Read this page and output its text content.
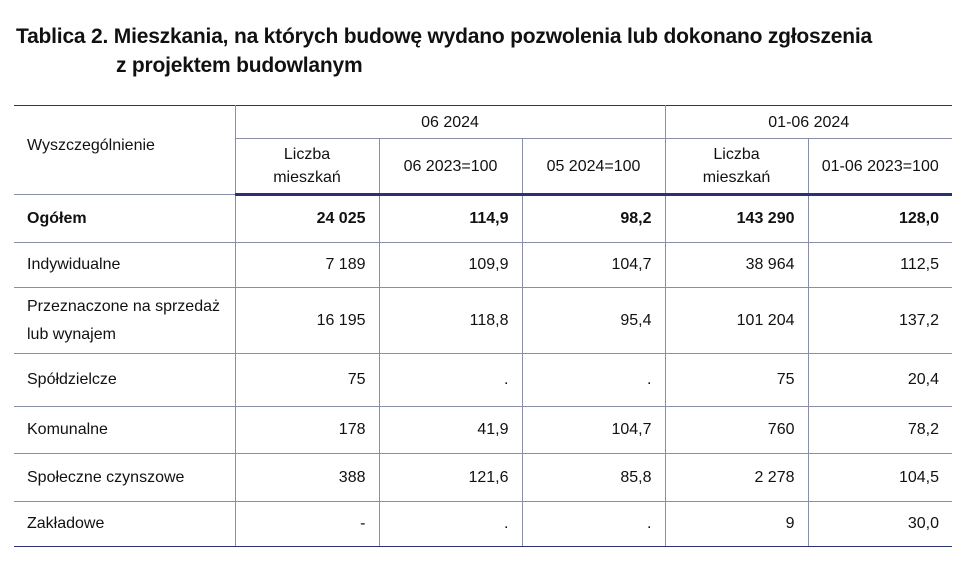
Tablica 2. Mieszkania, na których budowę wydano pozwolenia lub dokonano zgłoszenia
z projektem budowlanym
Wyszczególnienie	06 2024			01-06 2024	
	Liczba mieszkań	06 2023=100	05 2024=100	Liczba mieszkań	01-06 2023=100
Ogółem	24 025	114,9	98,2	143 290	128,0
Indywidualne	7 189	109,9	104,7	38 964	112,5
Przeznaczone na sprzedaż lub wynajem	16 195	118,8	95,4	101 204	137,2
Spółdzielcze	75	.	.	75	20,4
Komunalne	178	41,9	104,7	760	78,2
Społeczne czynszowe	388	121,6	85,8	2 278	104,5
Zakładowe	-	.	.	9	30,0
